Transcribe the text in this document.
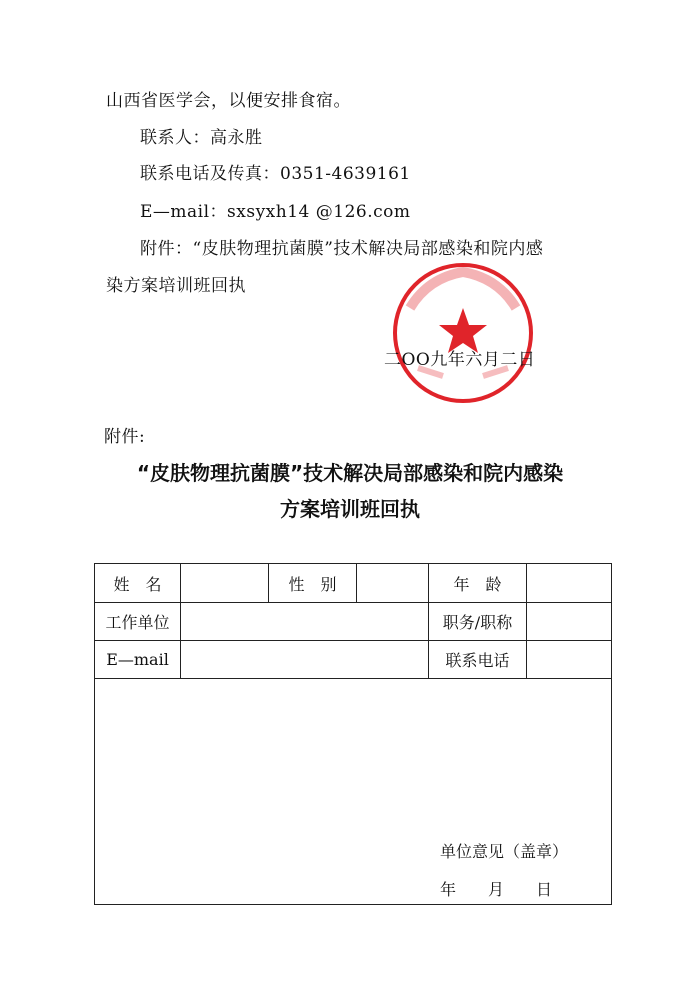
山西省医学会，以便安排食宿。
联系人：高永胜
联系电话及传真：0351-4639161
E—mail：sxsyxh14 @126.com
附件：“皮肤物理抗菌膜”技术解决局部感染和院内感
染方案培训班回执
二OO九年六月二日
附件:
“皮肤物理抗菌膜”技术解决局部感染和院内感染
方案培训班回执
姓　名	性　别	年　龄
工作单位	职务/职称
E—mail	联系电话
单位意见（盖章）
年　　月　　日
